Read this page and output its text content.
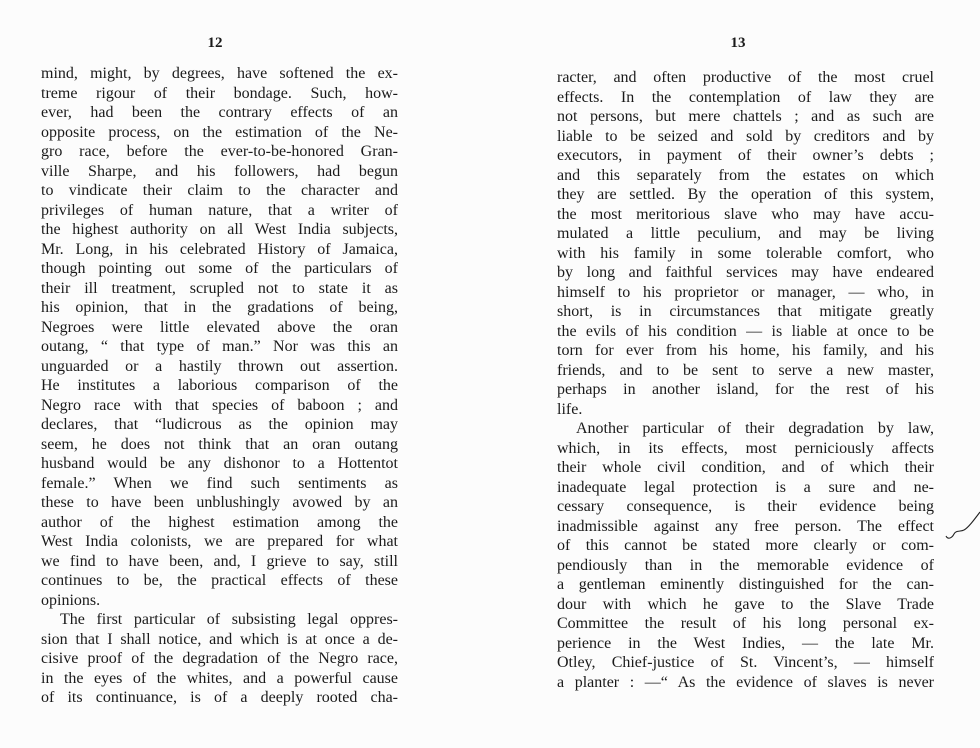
12
mind, might, by degrees, have softened the ex-
treme rigour of their bondage. Such, how-
ever, had been the contrary effects of an
opposite process, on the estimation of the Ne-
gro race, before the ever-to-be-honored Gran-
ville Sharpe, and his followers, had begun
to vindicate their claim to the character and
privileges of human nature, that a writer of
the highest authority on all West India subjects,
Mr. Long, in his celebrated History of Jamaica,
though pointing out some of the particulars of
their ill treatment, scrupled not to state it as
his opinion, that in the gradations of being,
Negroes were little elevated above the oran
outang, “ that type of man.” Nor was this an
unguarded or a hastily thrown out assertion.
He institutes a laborious comparison of the
Negro race with that species of baboon ; and
declares, that “ludicrous as the opinion may
seem, he does not think that an oran outang
husband would be any dishonor to a Hottentot
female.” When we find such sentiments as
these to have been unblushingly avowed by an
author of the highest estimation among the
West India colonists, we are prepared for what
we find to have been, and, I grieve to say, still
continues to be, the practical effects of these
opinions.
The first particular of subsisting legal oppres-
sion that I shall notice, and which is at once a de-
cisive proof of the degradation of the Negro race,
in the eyes of the whites, and a powerful cause
of its continuance, is of a deeply rooted cha-
13
racter, and often productive of the most cruel
effects. In the contemplation of law they are
not persons, but mere chattels ; and as such are
liable to be seized and sold by creditors and by
executors, in payment of their owner’s debts ;
and this separately from the estates on which
they are settled. By the operation of this system,
the most meritorious slave who may have accu-
mulated a little peculium, and may be living
with his family in some tolerable comfort, who
by long and faithful services may have endeared
himself to his proprietor or manager, — who, in
short, is in circumstances that mitigate greatly
the evils of his condition — is liable at once to be
torn for ever from his home, his family, and his
friends, and to be sent to serve a new master,
perhaps in another island, for the rest of his
life.
Another particular of their degradation by law,
which, in its effects, most perniciously affects
their whole civil condition, and of which their
inadequate legal protection is a sure and ne-
cessary consequence, is their evidence being
inadmissible against any free person. The effect
of this cannot be stated more clearly or com-
pendiously than in the memorable evidence of
a gentleman eminently distinguished for the can-
dour with which he gave to the Slave Trade
Committee the result of his long personal ex-
perience in the West Indies, — the late Mr.
Otley, Chief-justice of St. Vincent’s, — himself
a planter : —“ As the evidence of slaves is never
